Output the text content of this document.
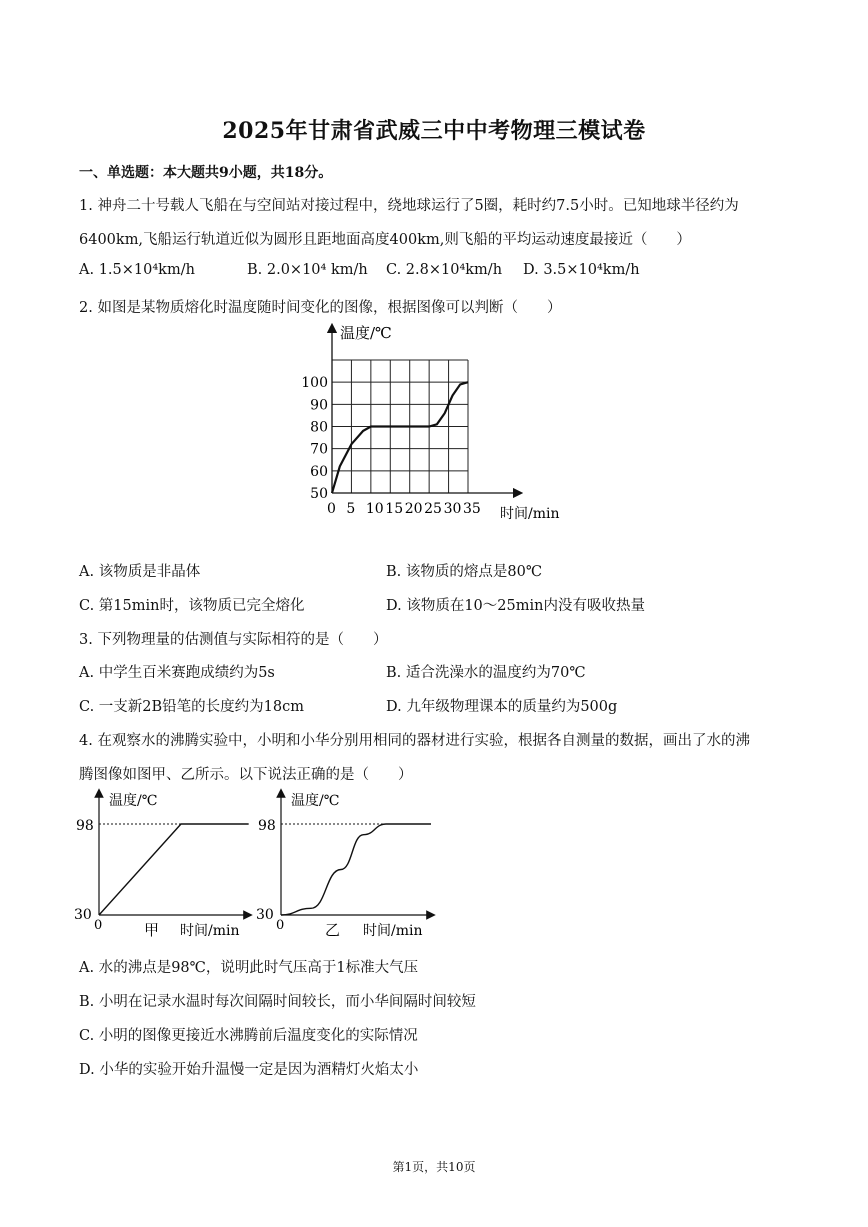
2025年甘肃省武威三中中考物理三模试卷
一、单选题：本大题共9小题，共18分。
1. 神舟二十号载人飞船在与空间站对接过程中，绕地球运行了5圈，耗时约7.5小时。已知地球半径约为
6400km,飞船运行轨道近似为圆形且距地面高度400km,则飞船的平均运动速度最接近（　　）
A. 1.5×10⁴km/h	B. 2.0×10⁴ km/h C. 2.8×10⁴km/h D. 3.5×10⁴km/h
2. 如图是某物质熔化时温度随时间变化的图像，根据图像可以判断（　　）
0 5 10 15 20 25 30 35
50
60
70
80
90
100
温度/℃
时间/min
A. 该物质是非晶体	B. 该物质的熔点是80℃
C. 第15min时，该物质已完全熔化	D. 该物质在10～25min内没有吸收热量
3. 下列物理量的估测值与实际相符的是（　　）
A. 中学生百米赛跑成绩约为5s	B. 适合洗澡水的温度约为70℃
C. 一支新2B铅笔的长度约为18cm	D. 九年级物理课本的质量约为500g
4. 在观察水的沸腾实验中，小明和小华分别用相同的器材进行实验，根据各自测量的数据，画出了水的沸
腾图像如图甲、乙所示。以下说法正确的是（　　）
温度/℃
98
30
0	甲 时间/min
温度/℃
98
30
0	乙 时间/min
A. 水的沸点是98℃，说明此时气压高于1标准大气压
B. 小明在记录水温时每次间隔时间较长，而小华间隔时间较短
C. 小明的图像更接近水沸腾前后温度变化的实际情况
D. 小华的实验开始升温慢一定是因为酒精灯火焰太小
第1页，共10页
